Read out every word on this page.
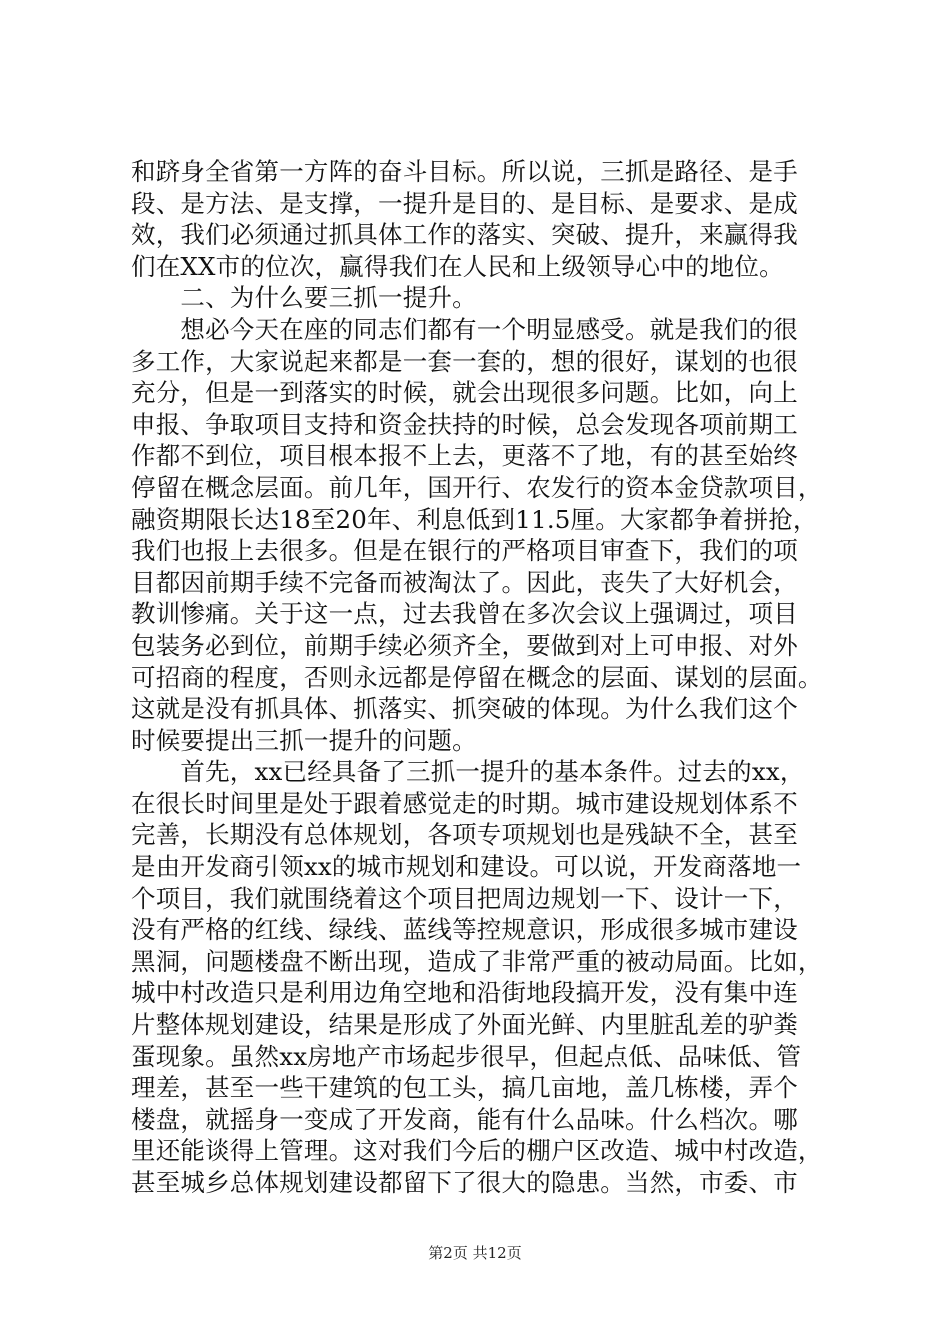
和跻身全省第一方阵的奋斗目标。所以说，三抓是路径、是手
段、是方法、是支撑，一提升是目的、是目标、是要求、是成
效，我们必须通过抓具体工作的落实、突破、提升，来赢得我
们在XX市的位次，赢得我们在人民和上级领导心中的地位。
　　二、为什么要三抓一提升。
　　想必今天在座的同志们都有一个明显感受。就是我们的很
多工作，大家说起来都是一套一套的，想的很好，谋划的也很
充分，但是一到落实的时候，就会出现很多问题。比如，向上
申报、争取项目支持和资金扶持的时候，总会发现各项前期工
作都不到位，项目根本报不上去，更落不了地，有的甚至始终
停留在概念层面。前几年，国开行、农发行的资本金贷款项目，
融资期限长达18至20年、利息低到11.5厘。大家都争着拼抢，
我们也报上去很多。但是在银行的严格项目审查下，我们的项
目都因前期手续不完备而被淘汰了。因此，丧失了大好机会，
教训惨痛。关于这一点，过去我曾在多次会议上强调过，项目
包装务必到位，前期手续必须齐全，要做到对上可申报、对外
可招商的程度，否则永远都是停留在概念的层面、谋划的层面。
这就是没有抓具体、抓落实、抓突破的体现。为什么我们这个
时候要提出三抓一提升的问题。
　　首先，xx已经具备了三抓一提升的基本条件。过去的xx，
在很长时间里是处于跟着感觉走的时期。城市建设规划体系不
完善，长期没有总体规划，各项专项规划也是残缺不全，甚至
是由开发商引领xx的城市规划和建设。可以说，开发商落地一
个项目，我们就围绕着这个项目把周边规划一下、设计一下，
没有严格的红线、绿线、蓝线等控规意识，形成很多城市建设
黑洞，问题楼盘不断出现，造成了非常严重的被动局面。比如，
城中村改造只是利用边角空地和沿街地段搞开发，没有集中连
片整体规划建设，结果是形成了外面光鲜、内里脏乱差的驴粪
蛋现象。虽然xx房地产市场起步很早，但起点低、品味低、管
理差，甚至一些干建筑的包工头，搞几亩地，盖几栋楼，弄个
楼盘，就摇身一变成了开发商，能有什么品味。什么档次。哪
里还能谈得上管理。这对我们今后的棚户区改造、城中村改造，
甚至城乡总体规划建设都留下了很大的隐患。当然，市委、市
第2页 共12页
